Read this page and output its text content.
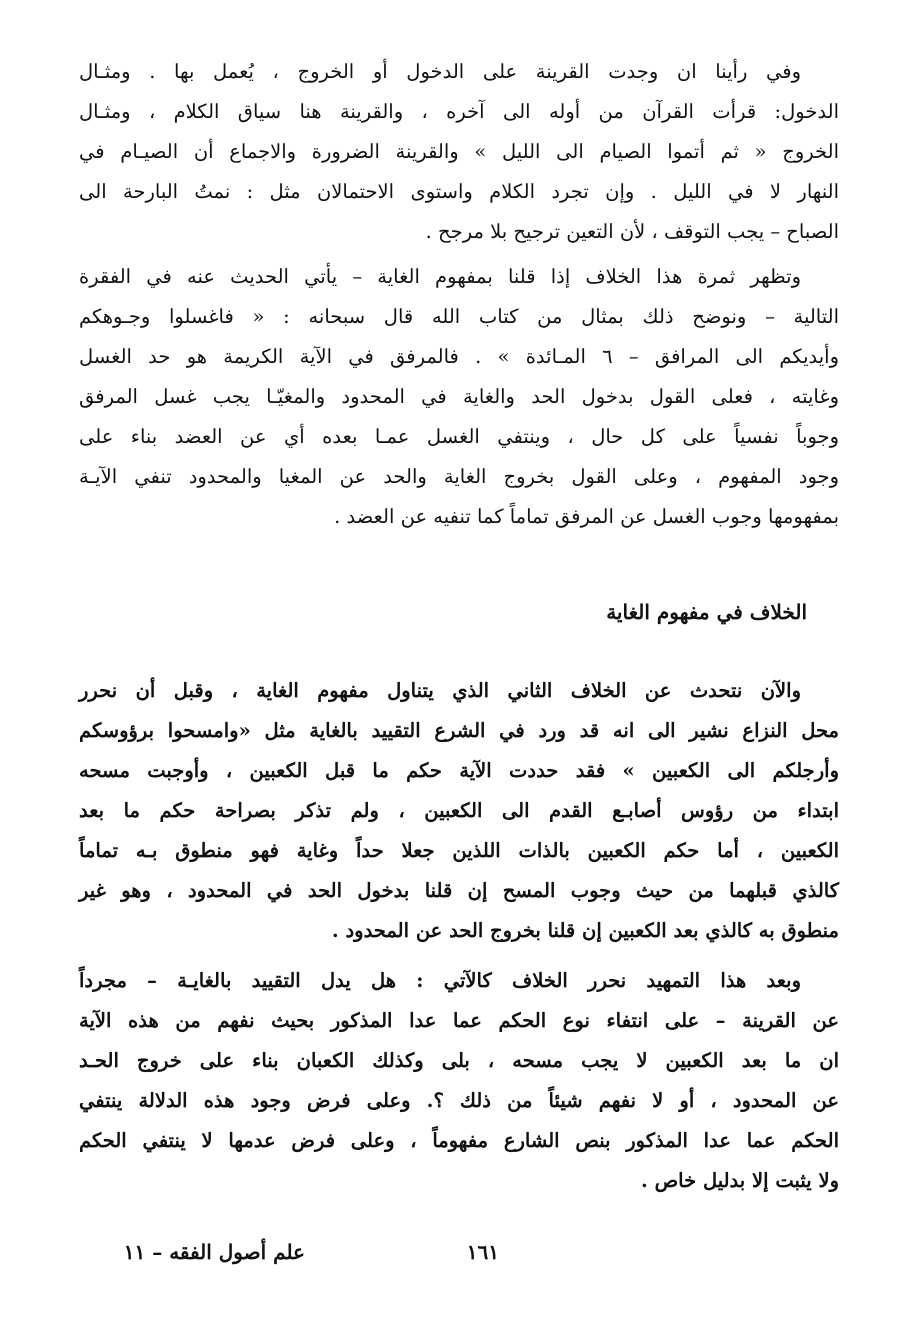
وفي رأينا ان وجدت القرينة على الدخول أو الخروج ، يُعمل بها . ومثـال
الدخول: قرأت القرآن من أوله الى آخره ، والقرينة هنا سياق الكلام ، ومثـال
الخروج « ثم أتموا الصيام الى الليل » والقرينة الضرورة والاجماع أن الصيـام في
النهار لا في الليل . وإن تجرد الكلام واستوى الاحتمالان مثل : نمتُ البارحة الى
الصباح – يجب التوقف ، لأن التعين ترجيح بلا مرجح .
وتظهر ثمرة هذا الخلاف إذا قلنا بمفهوم الغاية – يأتي الحديث عنه في الفقرة
التالية – ونوضح ذلك بمثال من كتاب الله قال سبحانه : « فاغسلوا وجـوهكم
وأيديكم الى المرافق – ٦ المـائدة » . فالمرفق في الآية الكريمة هو حد الغسل
وغايته ، فعلى القول بدخول الحد والغاية في المحدود والمغيّـا يجب غسل المرفق
وجوباً نفسياً على كل حال ، وينتفي الغسل عمـا بعده أي عن العضد بناء على
وجود المفهوم ، وعلى القول بخروج الغاية والحد عن المغيا والمحدود تنفي الآيـة
بمفهومها وجوب الغسل عن المرفق تماماً كما تنفيه عن العضد .
الخلاف في مفهوم الغاية
والآن نتحدث عن الخلاف الثاني الذي يتناول مفهوم الغاية ، وقبل أن نحرر
محل النزاع نشير الى انه قد ورد في الشرع التقييد بالغاية مثل «وامسحوا برؤوسكم
وأرجلكم الى الكعبين » فقد حددت الآية حكم ما قبل الكعبين ، وأوجبت مسحه
ابتداء من رؤوس أصابـع القدم الى الكعبين ، ولم تذكر بصراحة حكم ما بعد
الكعبين ، أما حكم الكعبين بالذات اللذين جعلا حداً وغاية فهو منطوق بـه تماماً
كالذي قبلهما من حيث وجوب المسح إن قلنا بدخول الحد في المحدود ، وهو غير
منطوق به كالذي بعد الكعبين إن قلنا بخروج الحد عن المحدود .
وبعد هذا التمهيد نحرر الخلاف كالآتي : هل يدل التقييد بالغايـة – مجرداً
عن القرينة – على انتفاء نوع الحكم عما عدا المذكور بحيث نفهم من هذه الآية
ان ما بعد الكعبين لا يجب مسحه ، بلى وكذلك الكعبان بناء على خروج الحـد
عن المحدود ، أو لا نفهم شيئاً من ذلك ؟. وعلى فرض وجود هذه الدلالة ينتفي
الحكم عما عدا المذكور بنص الشارع مفهوماً ، وعلى فرض عدمها لا ينتفي الحكم
ولا يثبت إلا بدليل خاص .
علم أصول الفقه – ١١	١٦١
